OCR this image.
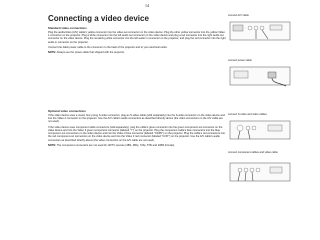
14
Connecting a video device
Standard video connections

Plug the audio/video (A/V) cable's yellow connector into the video-out connector on the video device. Plug the other yellow connector into the yellow Video 1 connector on the projector. Plug a white connector into the left audio out connector on the video device and plug a red connector into the right audio out connector on the video device. Plug the remaining white connector into the left audio in connector on the projector, and plug the red connector into the right audio in connector on the projector.

Connect the black power cable to the connector on the back of the projector and to your electrical outlet.

NOTE: Always use the power cable that shipped with the projector.

Optional video connections

If the video device uses a round, four-prong S-video connector, plug an S-video cable (sold separately) into the S-video connector on the video device and into the Video 2 connector on the projector. Use the A/V cable's audio connectors as described directly above (the video connectors on the A/V cable are not used).

If the video device uses component cable connectors (sold separately), plug the cable's green connector into the green component-out connector on the video device and into the Video 3 green component connector (labeled "Y") on the projector. Plug the component cable's blue connectors into the blue component-out connectors on the video device and into the Video 3 blue connector (labeled "Cb/Pb") on the projector. Plug the cable's red connectors into the red component-out connectors on the video device and into the Video 3 red connector (labeled "Cr/Pr") on the projector. Use the A/V cable's audio connectors as described directly above (the video connectors on the A/V cable are not used).

NOTE: The component connectors are not used for HDTV sources (480i, 480p, 720p, 576i and 1080i formats).

connect A/V cable
connect power cable
connect S-video and video cables
connect component cables and video cable
